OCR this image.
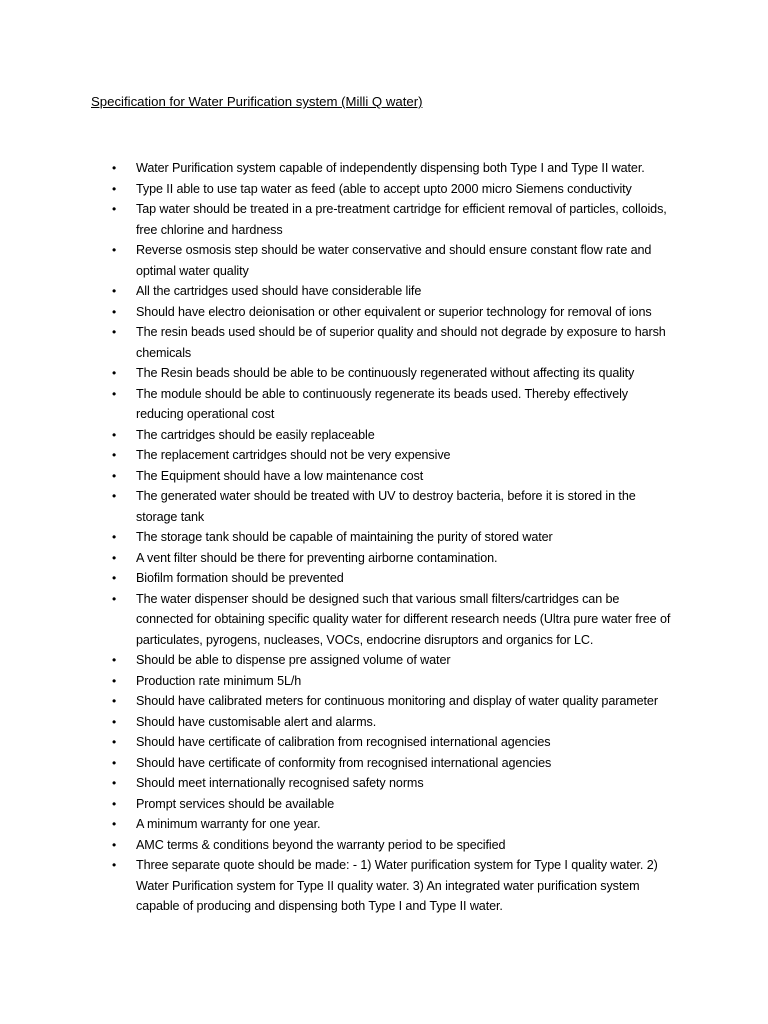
Specification for Water Purification system (Milli Q water)
• Water Purification system capable of independently dispensing both Type I and Type II water.
• Type II able to use tap water as feed (able to accept upto 2000 micro Siemens conductivity
• Tap water should be treated in a pre-treatment cartridge for efficient removal of particles, colloids, free chlorine and hardness
• Reverse osmosis step should be water conservative and should ensure constant flow rate and optimal water quality
• All the cartridges used should have considerable life
• Should have electro deionisation or other equivalent or superior technology for removal of ions
• The resin beads used should be of superior quality and should not degrade by exposure to harsh chemicals
• The Resin beads should be able to be continuously regenerated without affecting its quality
• The module should be able to continuously regenerate its beads used. Thereby effectively reducing operational cost
• The cartridges should be easily replaceable
• The replacement cartridges should not be very expensive
• The Equipment should have a low maintenance cost
• The generated water should be treated with UV to destroy bacteria, before it is stored in the storage tank
• The storage tank should be capable of maintaining the purity of stored water
• A vent filter should be there for preventing airborne contamination.
• Biofilm formation should be prevented
• The water dispenser should be designed such that various small filters/cartridges can be connected for obtaining specific quality water for different research needs (Ultra pure water free of particulates, pyrogens, nucleases, VOCs, endocrine disruptors and organics for LC.
• Should be able to dispense pre assigned volume of water
• Production rate minimum 5L/h
• Should have calibrated meters for continuous monitoring and display of water quality parameter
• Should have customisable alert and alarms.
• Should have certificate of calibration from recognised international agencies
• Should have certificate of conformity from recognised international agencies
• Should meet internationally recognised safety norms
• Prompt services should be available
• A minimum warranty for one year.
• AMC terms & conditions beyond the warranty period to be specified
• Three separate quote should be made: - 1) Water purification system for Type I quality water. 2) Water Purification system for Type II quality water. 3) An integrated water purification system capable of producing and dispensing both Type I and Type II water.
